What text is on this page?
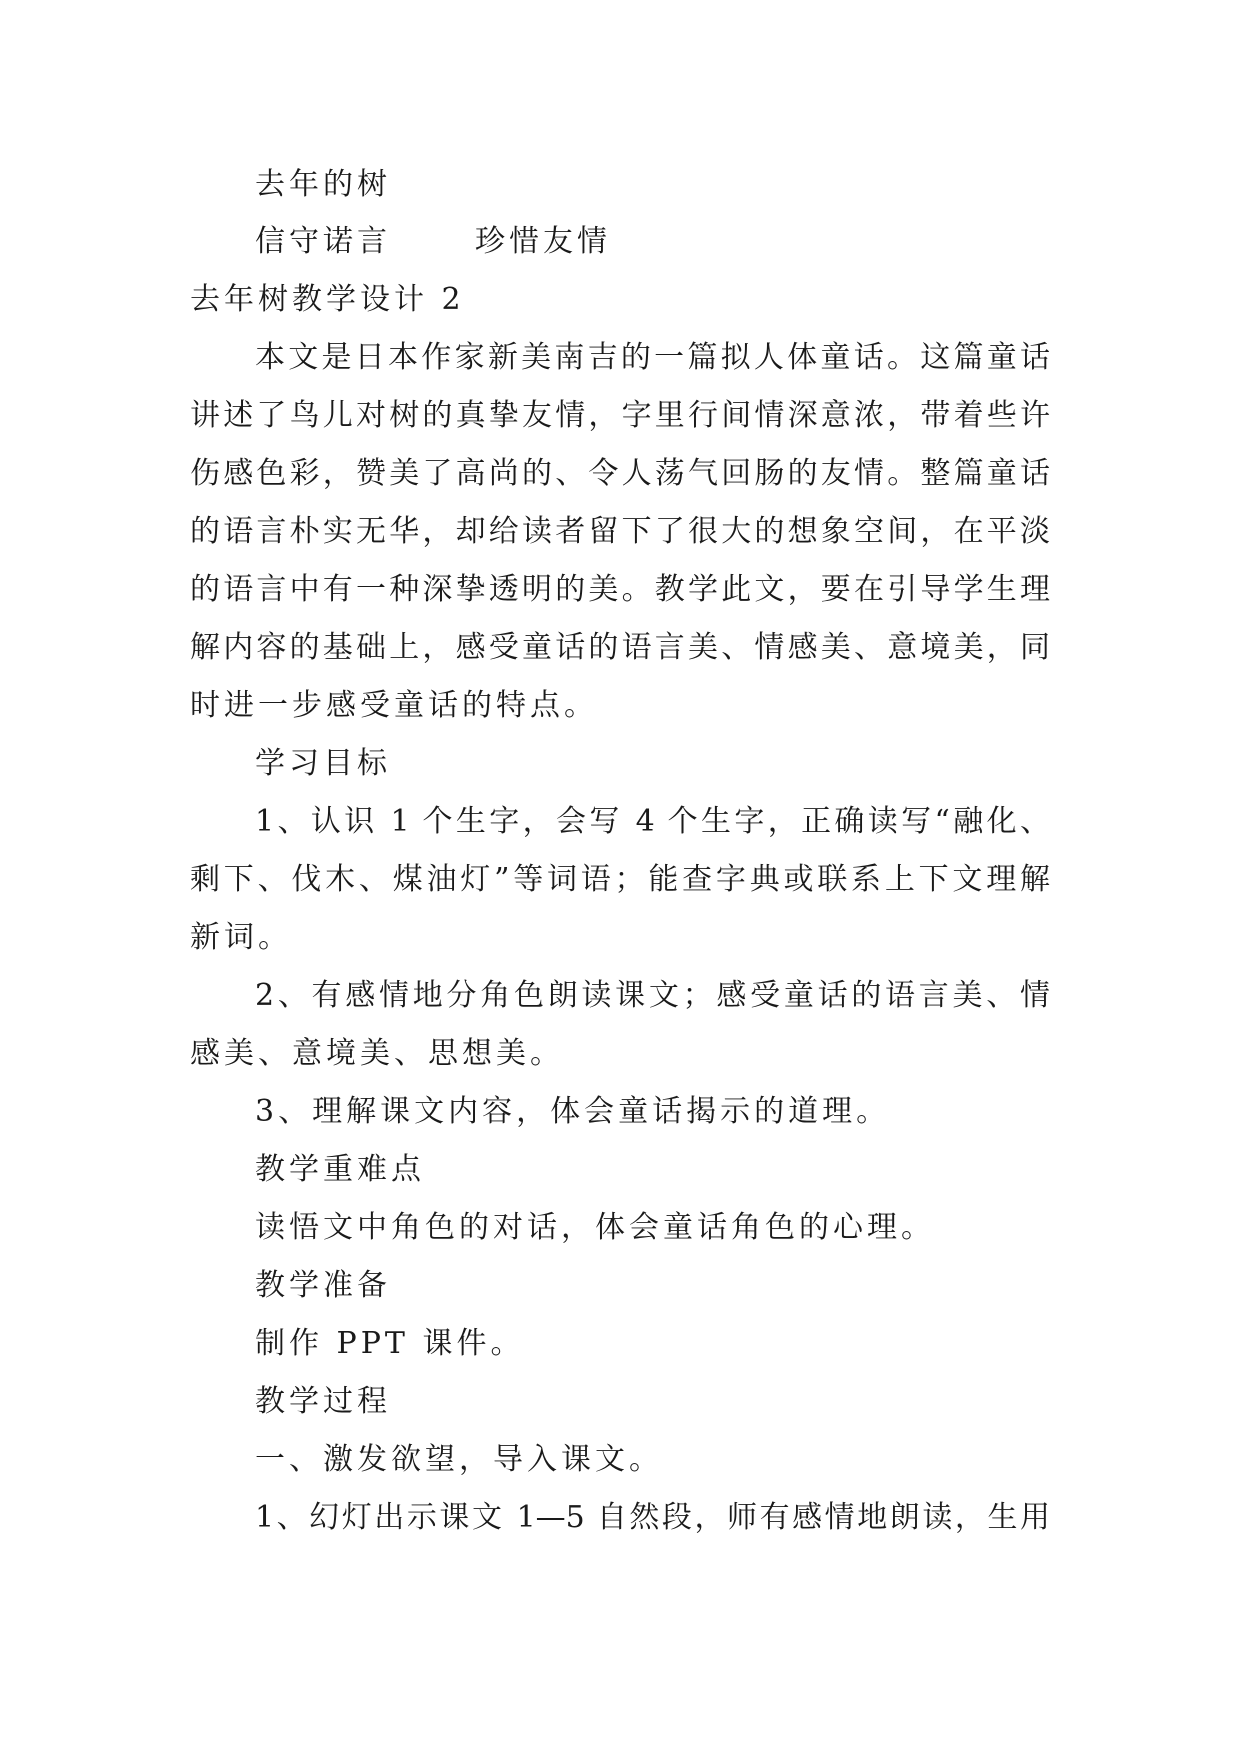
去年的树
信守诺言	珍惜友情
去年树教学设计 2
本文是日本作家新美南吉的一篇拟人体童话。这篇童话
讲述了鸟儿对树的真挚友情，字里行间情深意浓，带着些许
伤感色彩，赞美了高尚的、令人荡气回肠的友情。整篇童话
的语言朴实无华，却给读者留下了很大的想象空间，在平淡
的语言中有一种深挚透明的美。教学此文，要在引导学生理
解内容的基础上，感受童话的语言美、情感美、意境美，同
时进一步感受童话的特点。
学习目标
1、认识 1 个生字，会写 4 个生字，正确读写“融化、
剩下、伐木、煤油灯”等词语；能查字典或联系上下文理解
新词。
2、有感情地分角色朗读课文；感受童话的语言美、情
感美、意境美、思想美。
3、理解课文内容，体会童话揭示的道理。
教学重难点
读悟文中角色的对话，体会童话角色的心理。
教学准备
制作 PPT 课件。
教学过程
一、激发欲望，导入课文。
1、幻灯出示课文 1—5 自然段，师有感情地朗读，生用
